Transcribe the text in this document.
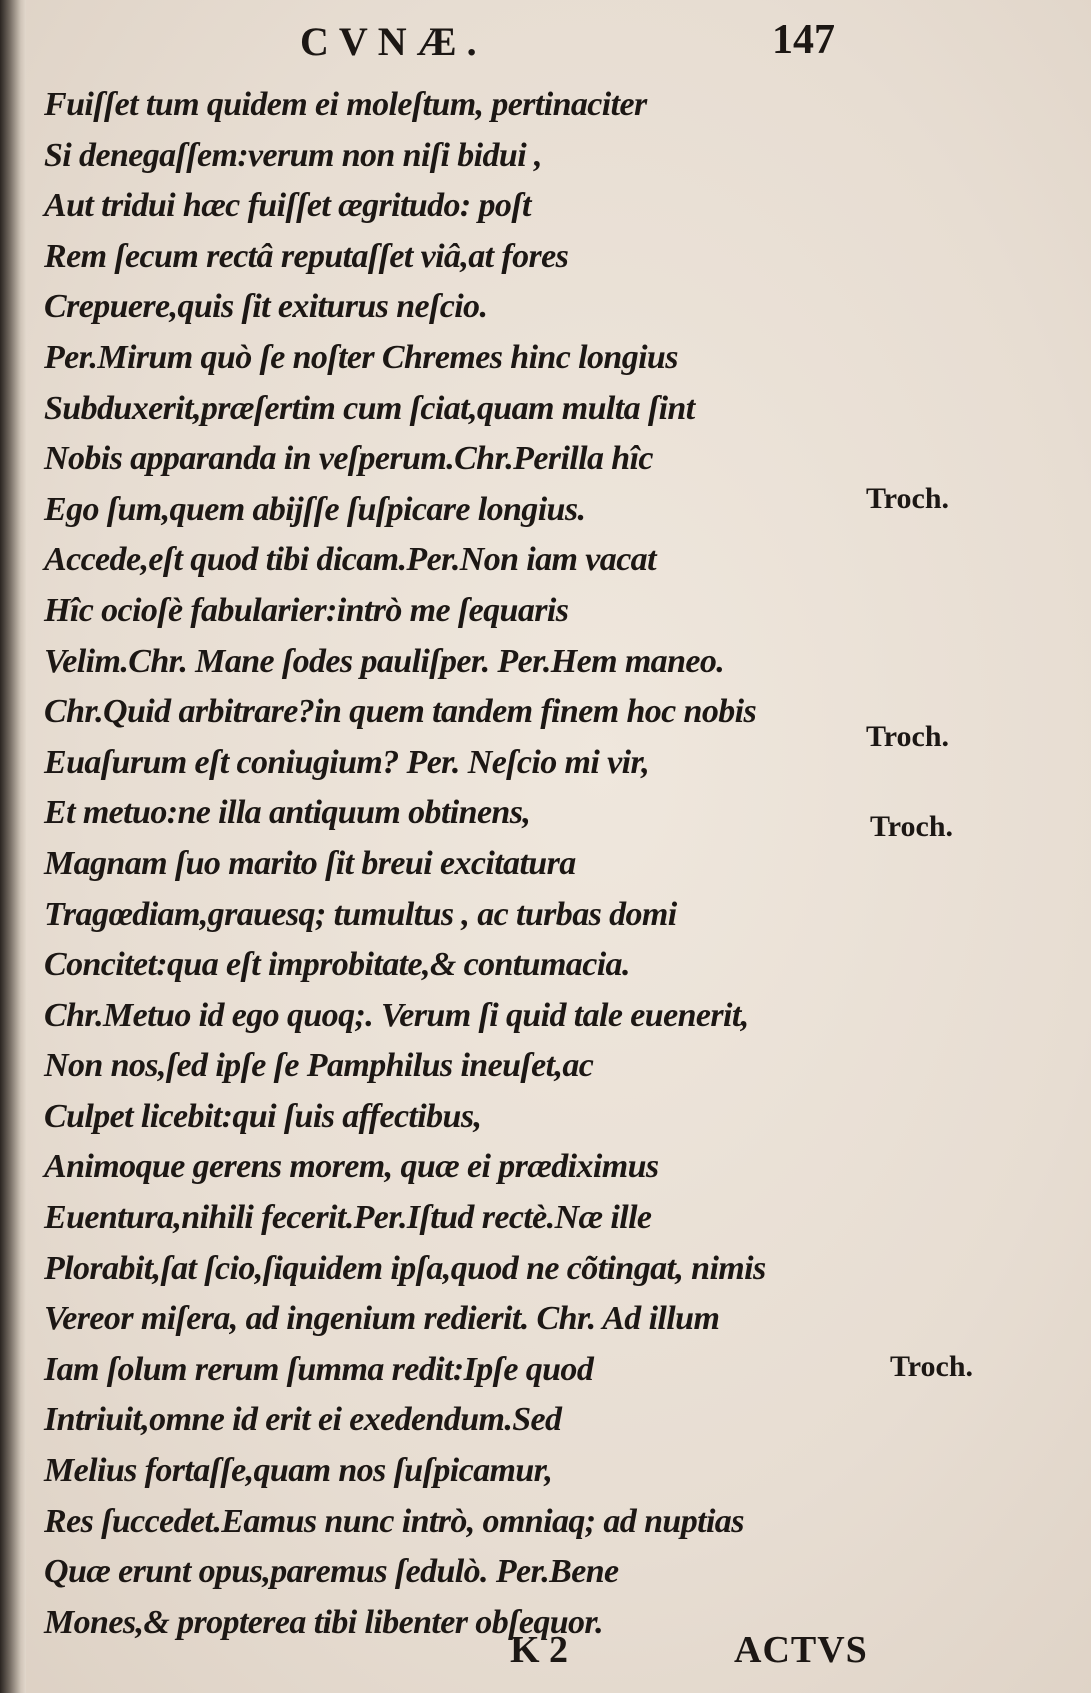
CVNÆ.	147
Fuiſſet tum quidem ei moleſtum, pertinaciter
Si denegaſſem:verum non niſi bidui ,
Aut tridui hæc fuiſſet ægritudo: poſt
Rem ſecum rectâ reputaſſet viâ,at fores
Crepuere,quis ſit exiturus neſcio.
Per.Mirum quò ſe noſter Chremes hinc longius
Subduxerit,præſertim cum ſciat,quam multa ſint
Nobis apparanda in veſperum.Chr.Perilla hîc
Ego ſum,quem abijſſe ſuſpicare longius.
Accede,eſt quod tibi dicam.Per.Non iam vacat
Hîc ocioſè fabularier:intrò me ſequaris
Velim.Chr. Mane ſodes pauliſper. Per.Hem maneo.
Chr.Quid arbitrare?in quem tandem finem hoc nobis
Euaſurum eſt coniugium? Per. Neſcio mi vir,
Et metuo:ne illa antiquum obtinens,
Magnam ſuo marito ſit breui excitatura
Tragœdiam,grauesq; tumultus , ac turbas domi
Concitet:qua eſt improbitate,& contumacia.
Chr.Metuo id ego quoq;. Verum ſi quid tale euenerit,
Non nos,ſed ipſe ſe Pamphilus ineuſet,ac
Culpet licebit:qui ſuis affectibus,
Animoque gerens morem, quæ ei prædiximus
Euentura,nihili fecerit.Per.Iſtud rectè.Næ ille
Plorabit,ſat ſcio,ſiquidem ipſa,quod ne cõtingat, nimis
Vereor miſera, ad ingenium redierit. Chr. Ad illum
Iam ſolum rerum ſumma redit:Ipſe quod
Intriuit,omne id erit ei exedendum.Sed
Melius fortaſſe,quam nos ſuſpicamur,
Res ſuccedet.Eamus nunc intrò, omniaq; ad nuptias
Quæ erunt opus,paremus ſedulò. Per.Bene
Mones,& propterea tibi libenter obſequor.
Troch.
Troch.
Troch.
Troch.
K 2	ACTVS
